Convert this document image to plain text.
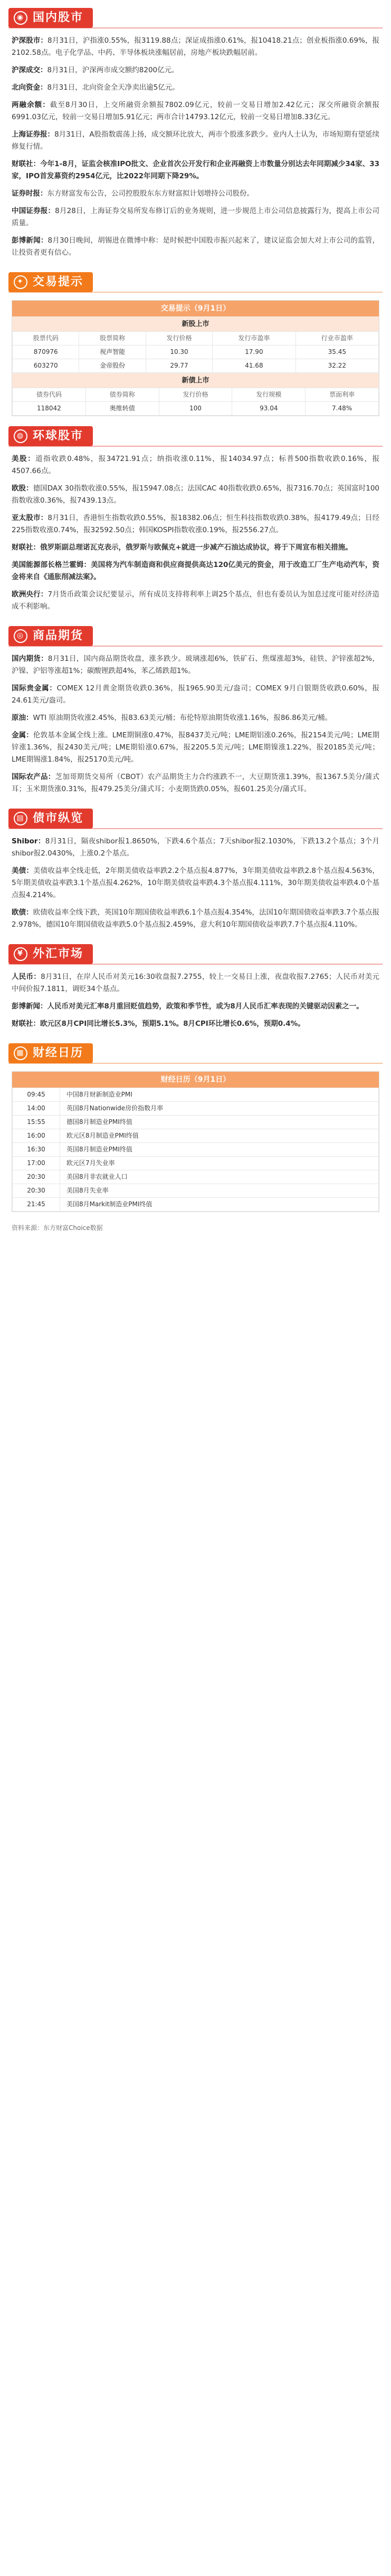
◉ 国内股市
沪深股市：8月31日，沪指涨0.55%，报3119.88点；深证成指涨0.61%，报10418.21点；创业板指涨0.69%，报2102.58点。电子化学品、中药、半导体板块涨幅居前，房地产板块跌幅居前。
沪深成交：8月31日，沪深两市成交额约8200亿元。
北向资金：8月31日，北向资金全天净卖出逾5亿元。
两融余额：截至8月30日，上交所融资余额报7802.09亿元，较前一交易日增加2.42亿元；深交所融资余额报6991.03亿元，较前一交易日增加5.91亿元；两市合计14793.12亿元，较前一交易日增加8.33亿元。
上海证券报：8月31日，A股指数震荡上扬，成交额环比放大，两市个股涨多跌少。业内人士认为，市场短期有望延续修复行情。
财联社：今年1-8月，证监会核准IPO批文、企业首次公开发行和企业再融资上市数量分别达去年同期减少34家、33家，IPO首发募资约2954亿元，比2022年同期下降29%。
证券时报：东方财富发布公告，公司控股股东东方财富拟计划增持公司股份。
中国证券报：8月28日，上海证券交易所发布修订后的业务规则，进一步规范上市公司信息披露行为，提高上市公司质量。
彭博新闻：8月30日晚间，胡锡进在微博中称：是时候把中国股市振兴起来了，建议证监会加大对上市公司的监管，让投资者更有信心。
✦ 交易提示
交易提示（9月1日）
新股上市
股票代码	股票简称	发行价格	发行市盈率	行业市盈率
870976	视声智能	10.30	17.90	35.45
603270	金帝股份	29.77	41.68	32.22
新债上市
债券代码	债券简称	发行价格	发行规模	票面利率
118042	奥维转债	100	93.04	7.48%
◍ 环球股市
美股：道指收跌0.48%，报34721.91点；纳指收涨0.11%，报14034.97点；标普500指数收跌0.16%，报4507.66点。
欧股：德国DAX 30指数收涨0.55%，报15947.08点；法国CAC 40指数收跌0.65%，报7316.70点；英国富时100指数收涨0.36%，报7439.13点。
亚太股市：8月31日，香港恒生指数收跌0.55%，报18382.06点；恒生科技指数收跌0.38%，报4179.49点；日经225指数收涨0.74%，报32592.50点；韩国KOSPI指数收涨0.19%，报2556.27点。
财联社：俄罗斯副总理诺瓦克表示，俄罗斯与欧佩克+就进一步减产石油达成协议，将于下周宣布相关措施。
美国能源部长格兰霍姆：美国将为汽车制造商和供应商提供高达120亿美元的资金，用于改造工厂生产电动汽车，资金将来自《通胀削减法案》。
欧洲央行：7月货币政策会议纪要显示，所有成员支持将利率上调25个基点，但也有委员认为加息过度可能对经济造成不利影响。
◎ 商品期货
国内期货：8月31日，国内商品期货收盘，涨多跌少。玻璃涨超6%，铁矿石、焦煤涨超3%，硅铁、沪锌涨超2%，沪镍、沪铝等涨超1%；碳酸锂跌超4%，苯乙烯跌超1%。
国际贵金属：COMEX 12月黄金期货收跌0.36%，报1965.90美元/盎司；COMEX 9月白银期货收跌0.60%，报24.61美元/盎司。
原油：WTI 原油期货收涨2.45%，报83.63美元/桶；布伦特原油期货收涨1.16%，报86.86美元/桶。
金属：伦敦基本金属全线上涨。LME期铜涨0.47%，报8437美元/吨；LME期铝涨0.26%，报2154美元/吨；LME期锌涨1.36%，报2430美元/吨；LME期铅涨0.67%，报2205.5美元/吨；LME期镍涨1.22%，报20185美元/吨；LME期锡涨1.84%，报25170美元/吨。
国际农产品：芝加哥期货交易所（CBOT）农产品期货主力合约涨跌不一，大豆期货涨1.39%，报1367.5美分/蒲式耳；玉米期货涨0.31%，报479.25美分/蒲式耳；小麦期货跌0.05%，报601.25美分/蒲式耳。
▤ 债市纵览
Shibor：8月31日，隔夜shibor报1.8650%，下跌4.6个基点；7天shibor报2.1030%，下跌13.2个基点；3个月shibor报2.0430%，上涨0.2个基点。
美债：美债收益率全线走低，2年期美债收益率跌2.2个基点报4.877%，3年期美债收益率跌2.8个基点报4.563%，5年期美债收益率跌3.1个基点报4.262%，10年期美债收益率跌4.3个基点报4.111%，30年期美债收益率跌4.0个基点报4.214%。
欧债：欧债收益率全线下跌，英国10年期国债收益率跌6.1个基点报4.354%，法国10年期国债收益率跌3.7个基点报2.978%，德国10年期国债收益率跌5.0个基点报2.459%，意大利10年期国债收益率跌7.7个基点报4.110%。
¥ 外汇市场
人民币：8月31日，在岸人民币对美元16:30收盘报7.2755，较上一交易日上涨，夜盘收报7.2765；人民币对美元中间价报7.1811，调贬34个基点。
彭博新闻：人民币对美元汇率8月重回贬值趋势，政策和季节性，或为8月人民币汇率表现的关键驱动因素之一。
财联社：欧元区8月CPI同比增长5.3%，预期5.1%。8月CPI环比增长0.6%，预期0.4%。
▦ 财经日历
财经日历（9月1日）
09:45	中国8月财新制造业PMI
14:00	英国8月Nationwide房价指数月率
15:55	德国8月制造业PMI终值
16:00	欧元区8月制造业PMI终值
16:30	英国8月制造业PMI终值
17:00	欧元区7月失业率
20:30	美国8月非农就业人口
20:30	美国8月失业率
21:45	美国8月Markit制造业PMI终值
资料来源：东方财富Choice数据
